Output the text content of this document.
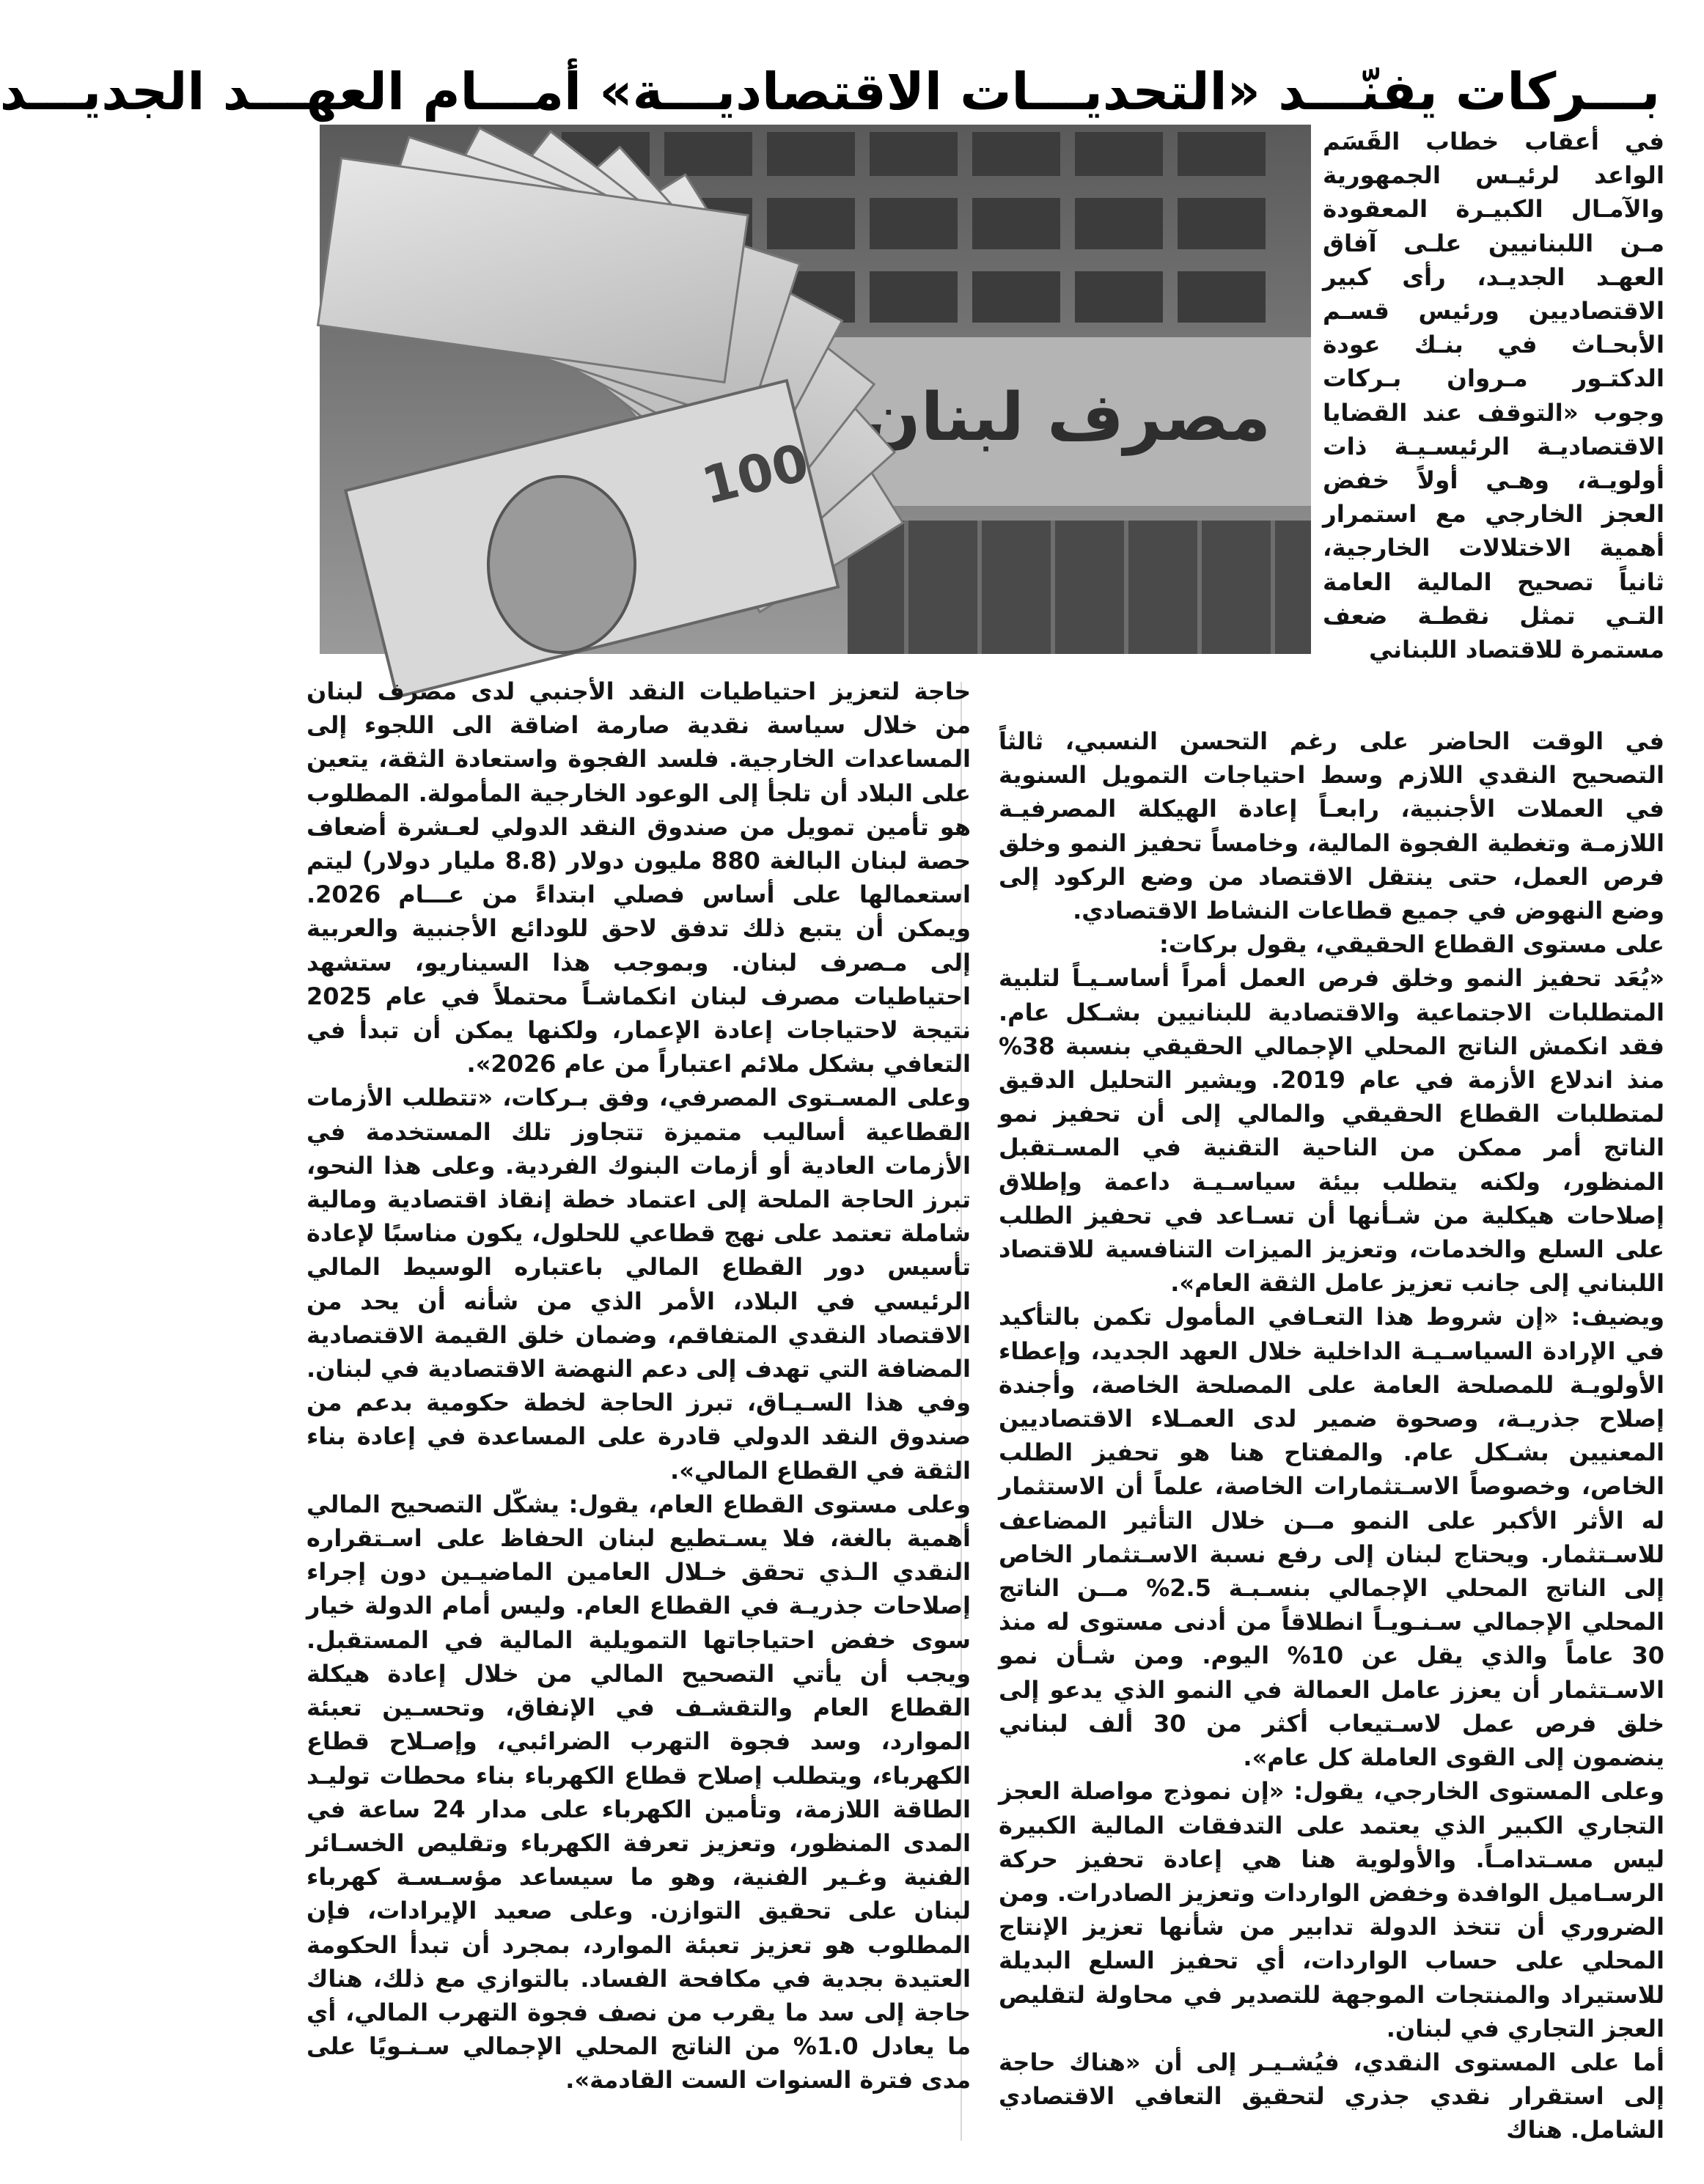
بـــركات يفنّـــد «التحديـــات الاقتصاديـــة» أمـــام العهـــد الجديـــد
مصرف لبنان
100

في أعقاب خطاب القَسَم الواعد لرئيـس الجمهورية والآمـال الكبيـرة المعقودة مـن اللبنانيين علـى آفاق العهـد الجديـد، رأى كبير الاقتصاديين ورئيس قسـم الأبحـاث في بنـك عودة الدكتـور مـروان بـركات وجوب «التوقف عند القضايا الاقتصاديـة الرئيسـيـة ذات أولويـة، وهـي أولاً خفض العجز الخارجي مع استمرار أهمية الاختلالات الخارجية، ثانياً تصحيح المالية العامة التـي تمثل نقطـة ضعف مستمرة للاقتصاد اللبناني

في الوقت الحاضر على رغم التحسن النسبي، ثالثاً التصحيح النقدي اللازم وسط احتياجات التمويل السنوية في العملات الأجنبية، رابعـاً إعادة الهيكلة المصرفيـة اللازمـة وتغطية الفجوة المالية، وخامساً تحفيز النمو وخلق فرص العمل، حتى ينتقل الاقتصاد من وضع الركود إلى وضع النهوض في جميع قطاعات النشاط الاقتصادي.

على مستوى القطاع الحقيقي، يقول بركات:

«يُعَد تحفيز النمو وخلق فرص العمل أمراً أساسـيـاً لتلبية المتطلبات الاجتماعية والاقتصادية للبنانيين بشـكل عام. فقد انكمش الناتج المحلي الإجمالي الحقيقي بنسبة 38% منذ اندلاع الأزمة في عام 2019. ويشير التحليل الدقيق لمتطلبات القطاع الحقيقي والمالي إلى أن تحفيز نمو الناتج أمر ممكن من الناحية التقنية في المسـتقبل المنظور، ولكنه يتطلب بيئة سياسـيـة داعمة وإطلاق إصلاحات هيكلية من شـأنها أن تسـاعد في تحفيز الطلب على السلع والخدمات، وتعزيز الميزات التنافسية للاقتصاد اللبناني إلى جانب تعزيز عامل الثقة العام».

ويضيف: «إن شروط هذا التعـافي المأمول تكمن بالتأكيد في الإرادة السياسـيـة الداخلية خلال العهد الجديد، وإعطاء الأولويـة للمصلحة العامة على المصلحة الخاصة، وأجندة إصلاح جذريـة، وصحوة ضمير لدى العمـلاء الاقتصاديين المعنيين بشـكل عام. والمفتاح هنا هو تحفيز الطلب الخاص، وخصوصاً الاسـتثمارات الخاصة، علماً أن الاستثمار له الأثر الأكبر على النمو مــن خلال التأثير المضاعف للاسـتثمار. ويحتاج لبنان إلى رفع نسبة الاسـتثمار الخاص إلى الناتج المحلي الإجمالي بنسـبـة 2.5% مــن الناتج المحلي الإجمالي سـنـويـاً انطلاقاً من أدنى مستوى له منذ 30 عاماً والذي يقل عن 10% اليوم. ومن شـأن نمو الاسـتثمار أن يعزز عامل العمالة في النمو الذي يدعو إلى خلق فرص عمل لاسـتيعاب أكثر من 30 ألف لبناني ينضمون إلى القوى العاملة كل عام».

وعلى المستوى الخارجي، يقول: «إن نموذج مواصلة العجز التجاري الكبير الذي يعتمد على التدفقات المالية الكبيرة ليس مسـتدامـاً. والأولوية هنا هي إعادة تحفيز حركة الرسـاميل الوافدة وخفض الواردات وتعزيز الصادرات. ومن الضروري أن تتخذ الدولة تدابير من شأنها تعزيز الإنتاج المحلي على حساب الواردات، أي تحفيز السلع البديلة للاستيراد والمنتجات الموجهة للتصدير في محاولة لتقليص العجز التجاري في لبنان.

أما على المستوى النقدي، فيُشـيـر إلى أن «هناك حاجة إلى استقرار نقدي جذري لتحقيق التعافي الاقتصادي الشامل. هناك

حاجة لتعزيز احتياطيات النقد الأجنبي لدى مصرف لبنان من خلال سياسة نقدية صارمة اضاقة الى اللجوء إلى المساعدات الخارجية. فلسد الفجوة واستعادة الثقة، يتعين على البلاد أن تلجأ إلى الوعود الخارجية المأمولة. المطلوب هو تأمين تمويل من صندوق النقد الدولي لعـشرة أضعاف حصة لبنان البالغة 880 مليون دولار (8.8 مليار دولار) ليتم استعمالها على أساس فصلي ابتداءً من عـــام 2026. ويمكن أن يتبع ذلك تدفق لاحق للودائع الأجنبية والعربية إلى مـصرف لبنان. وبموجب هذا السيناريو، ستشهد احتياطيات مصرف لبنان انكماشـاً محتملاً في عام 2025 نتيجة لاحتياجات إعادة الإعمار، ولكنها يمكن أن تبدأ في التعافي بشكل ملائم اعتباراً من عام 2026».

وعلى المسـتوى المصرفي، وفق بـركات، «تتطلب الأزمات القطاعية أساليب متميزة تتجاوز تلك المستخدمة في الأزمات العادية أو أزمات البنوك الفردية. وعلى هذا النحو، تبرز الحاجة الملحة إلى اعتماد خطة إنقاذ اقتصادية ومالية شاملة تعتمد على نهج قطاعي للحلول، يكون مناسبًا لإعادة تأسيس دور القطاع المالي باعتباره الوسيط المالي الرئيسي في البلاد، الأمر الذي من شأنه أن يحد من الاقتصاد النقدي المتفاقم، وضمان خلق القيمة الاقتصادية المضافة التي تهدف إلى دعم النهضة الاقتصادية في لبنان. وفي هذا السـيـاق، تبرز الحاجة لخطة حكومية بدعم من صندوق النقد الدولي قادرة على المساعدة في إعادة بناء الثقة في القطاع المالي».

وعلى مستوى القطاع العام، يقول: يشكّل التصحيح المالي أهمية بالغة، فلا يسـتطيع لبنان الحفاظ على اسـتقراره النقدي الـذي تحقق خـلال العامين الماضيـين دون إجراء إصلاحات جذريـة في القطاع العام. وليس أمام الدولة خيار سوى خفض احتياجاتها التمويلية المالية في المستقبل. ويجب أن يأتي التصحيح المالي من خلال إعادة هيكلة القطاع العام والتقشـف في الإنفاق، وتحسـين تعبئة الموارد، وسد فجوة التهرب الضرائبي، وإصـلاح قطاع الكهرباء، ويتطلب إصلاح قطاع الكهرباء بناء محطات توليـد الطاقة اللازمة، وتأمين الكهرباء على مدار 24 ساعة في المدى المنظور، وتعزيز تعرفة الكهرباء وتقليص الخسـائر الفنية وغـير الفنية، وهو ما سيساعد مؤسـسـة كهرباء لبنان على تحقيق التوازن. وعلى صعيد الإيرادات، فإن المطلوب هو تعزيز تعبئة الموارد، بمجرد أن تبدأ الحكومة العتيدة بجدية في مكافحة الفساد. بالتوازي مع ذلك، هناك حاجة إلى سد ما يقرب من نصف فجوة التهرب المالي، أي ما يعادل 1.0% من الناتج المحلي الإجمالي سـنـويًا على مدى فترة السنوات الست القادمة».
